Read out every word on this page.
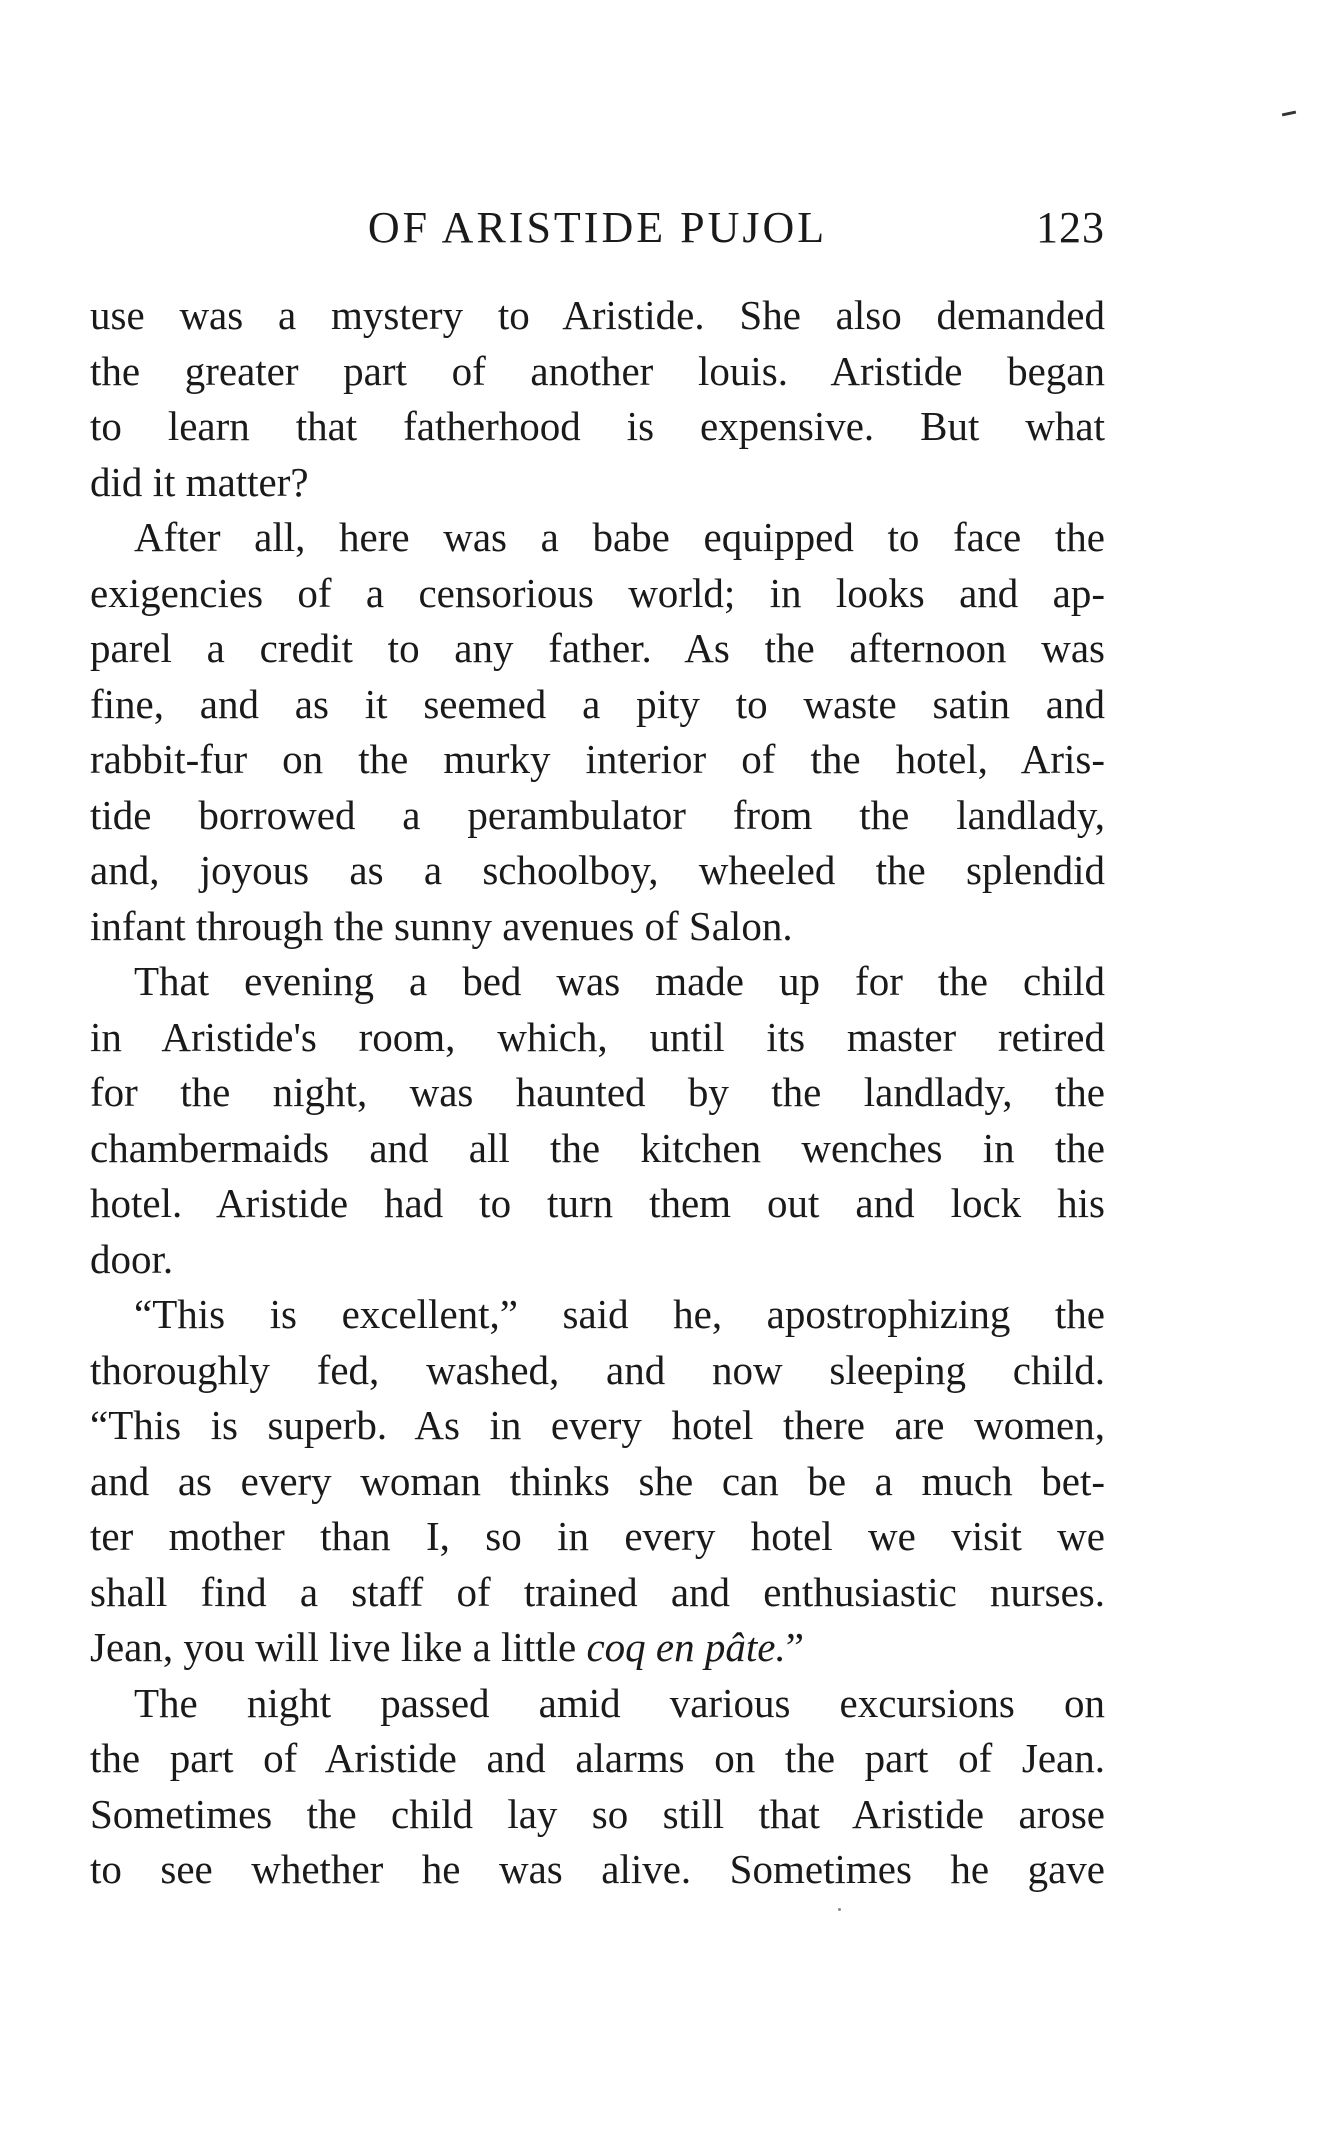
OF ARISTIDE PUJOL	123
use was a mystery to Aristide. She also demanded
the greater part of another louis. Aristide began
to learn that fatherhood is expensive. But what
did it matter?
After all, here was a babe equipped to face the
exigencies of a censorious world; in looks and ap-
parel a credit to any father. As the afternoon was
fine, and as it seemed a pity to waste satin and
rabbit-fur on the murky interior of the hotel, Aris-
tide borrowed a perambulator from the landlady,
and, joyous as a schoolboy, wheeled the splendid
infant through the sunny avenues of Salon.
That evening a bed was made up for the child
in Aristide's room, which, until its master retired
for the night, was haunted by the landlady, the
chambermaids and all the kitchen wenches in the
hotel. Aristide had to turn them out and lock his
door.
“This is excellent,” said he, apostrophizing the
thoroughly fed, washed, and now sleeping child.
“This is superb. As in every hotel there are women,
and as every woman thinks she can be a much bet-
ter mother than I, so in every hotel we visit we
shall find a staff of trained and enthusiastic nurses.
Jean, you will live like a little coq en pâte.”
The night passed amid various excursions on
the part of Aristide and alarms on the part of Jean.
Sometimes the child lay so still that Aristide arose
to see whether he was alive. Sometimes he gave
